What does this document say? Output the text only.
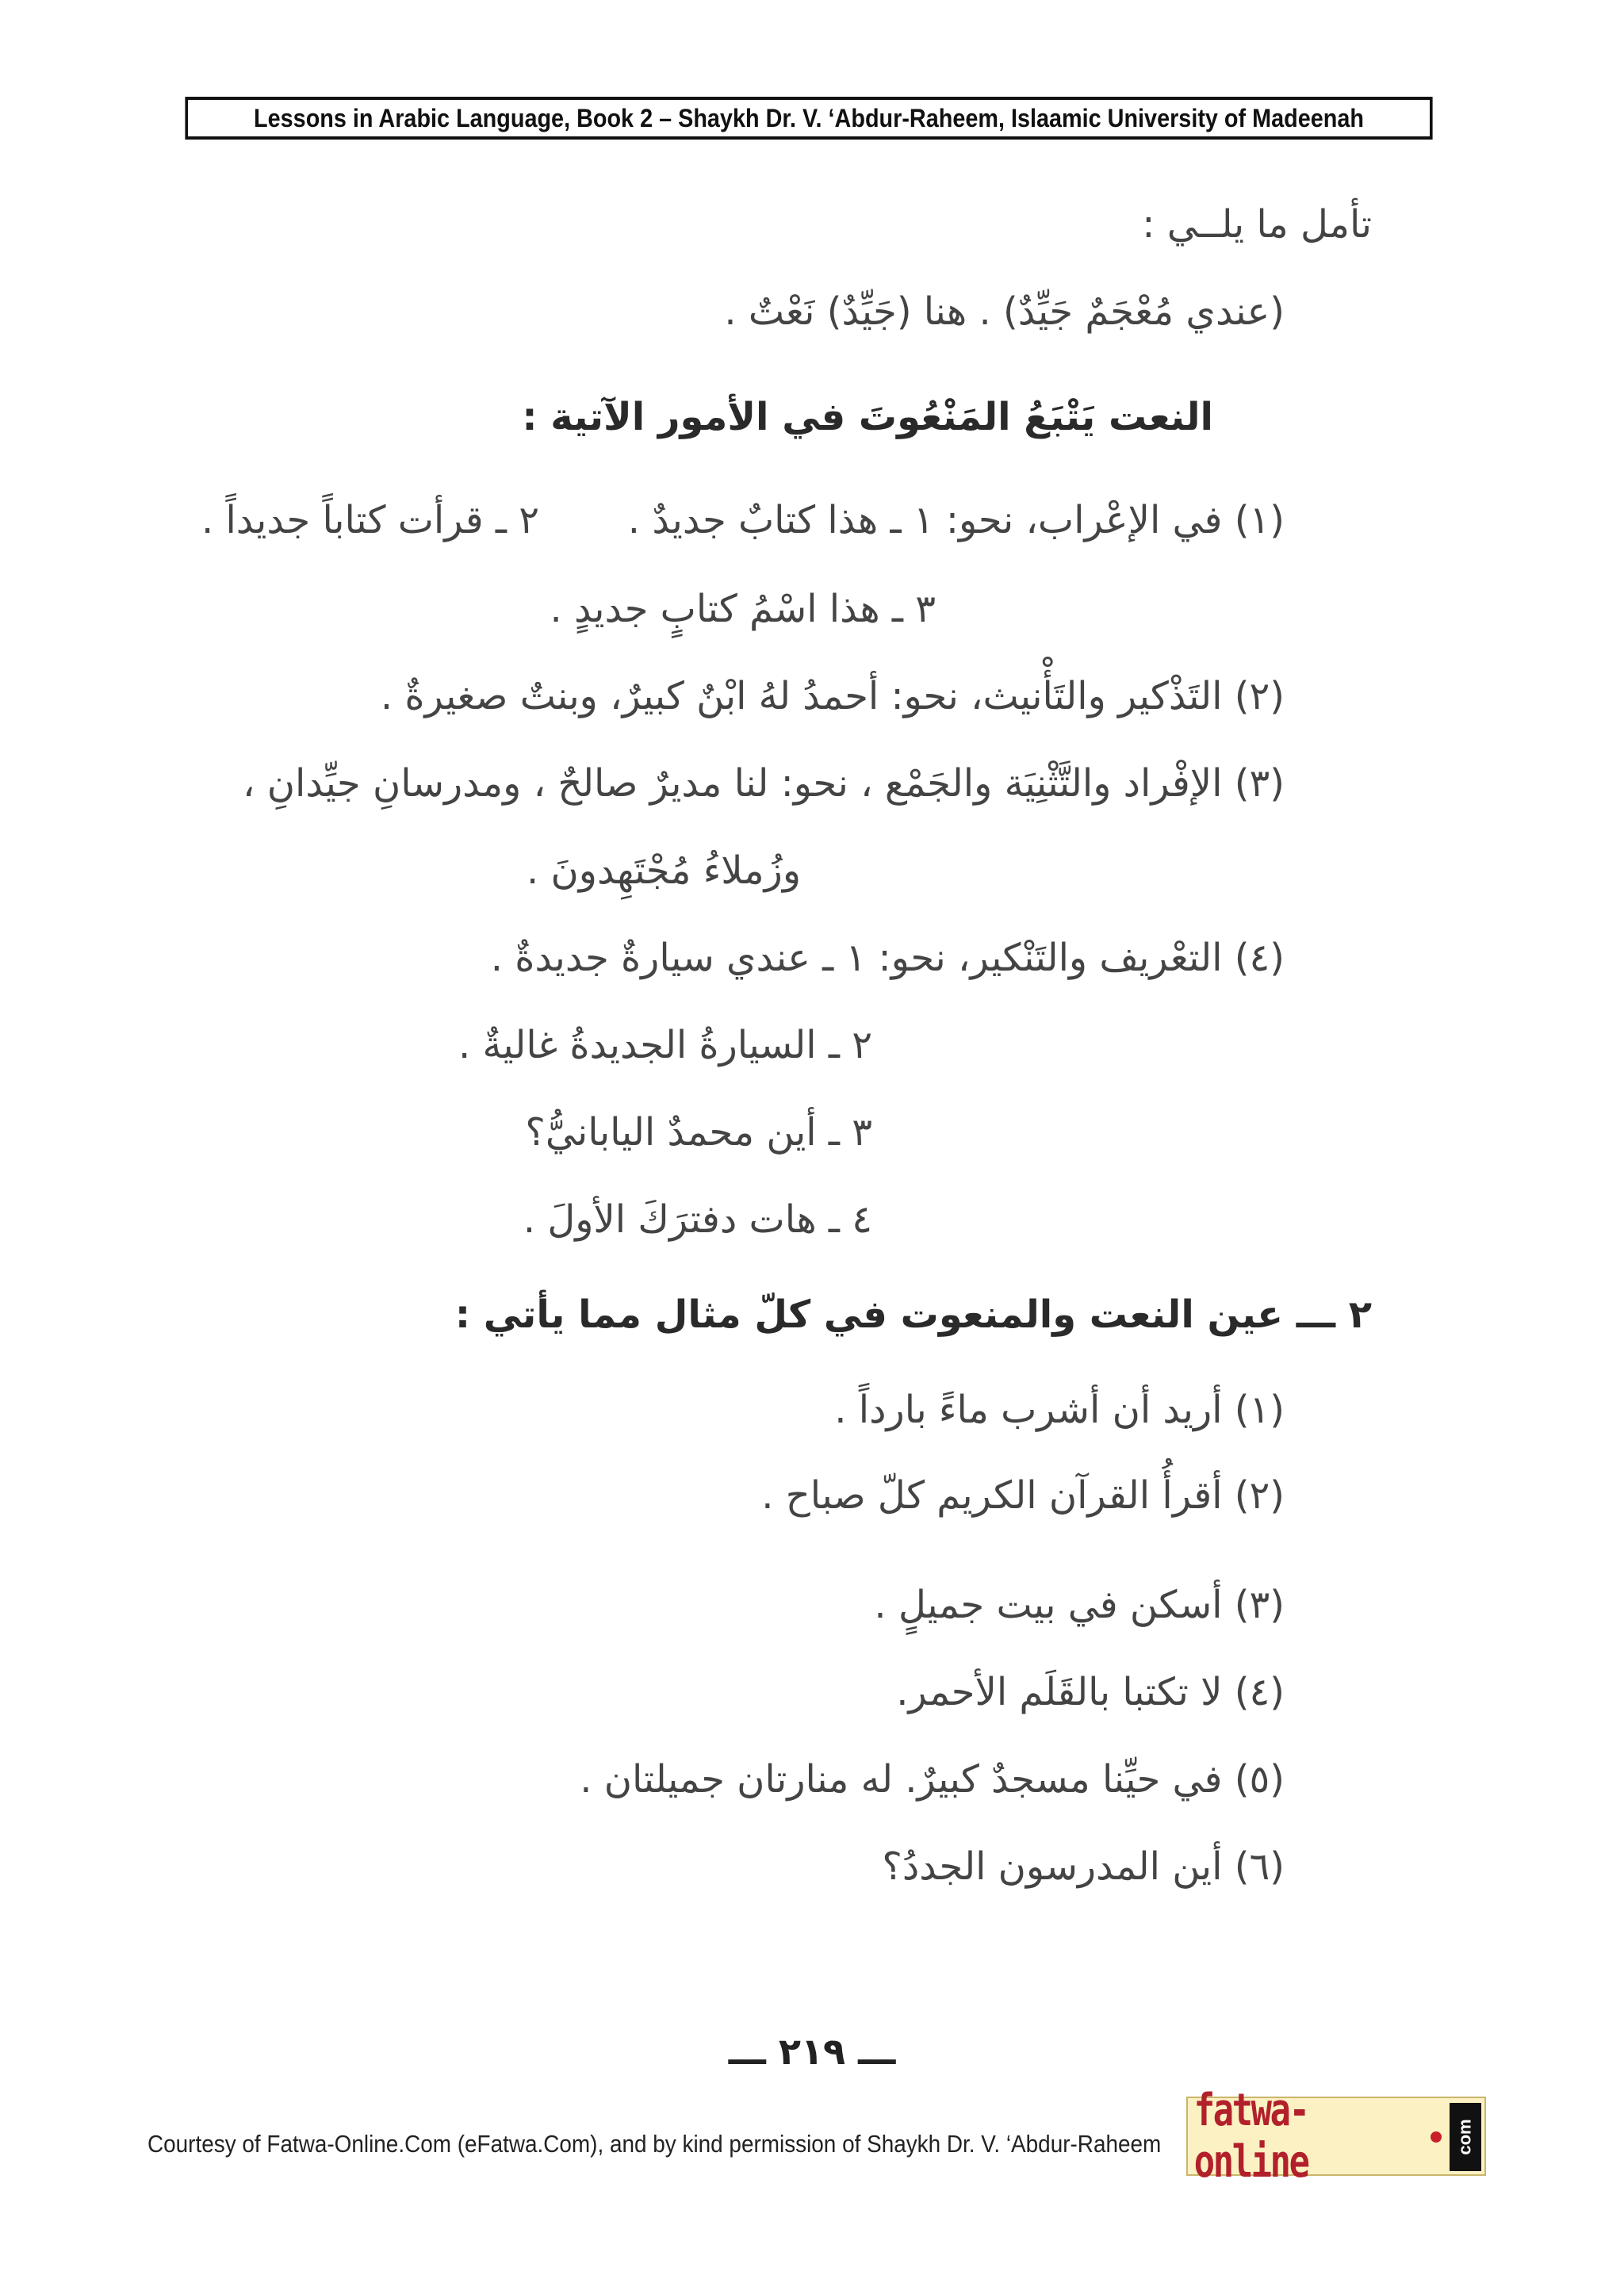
Lessons in Arabic Language, Book 2 – Shaykh Dr. V. ‘Abdur-Raheem, Islaamic University of Madeenah
تأمل ما يلــي :
(عندي مُعْجَمٌ جَيِّدٌ) . هنا (جَيِّدٌ) نَعْتٌ .
النعت يَتْبَعُ المَنْعُوتَ في الأمور الآتية :
(١) في الإعْراب، نحو: ١ ـ هذا كتابٌ جديدٌ .
٢ ـ قرأت كتاباً جديداً .
٣ ـ هذا اسْمُ كتابٍ جديدٍ .
(٢) التَذْكير والتَأْنيث، نحو: أحمدُ لهُ ابْنٌ كبيرٌ، وبنتٌ صغيرةٌ .
(٣) الإفْراد والتَّثْنِيَة والجَمْع ، نحو: لنا مديرٌ صالحٌ ، ومدرسانِ جيِّدانِ ،
وزُملاءُ مُجْتَهِدونَ .
(٤) التعْريف والتَنْكير، نحو: ١ ـ عندي سيارةٌ جديدةٌ .
٢ ـ السيارةُ الجديدةُ غاليةٌ .
٣ ـ أين محمدٌ اليابانيُّ؟
٤ ـ هات دفترَكَ الأولَ .
٢ ـــ عين النعت والمنعوت في كلّ مثال مما يأتي :
(١) أريد أن أشرب ماءً بارداً .
(٢) أقرأُ القرآن الكريم كلّ صباح .
(٣) أسكن في بيت جميلٍ .
(٤) لا تكتبا بالقَلَم الأحمر.
(٥) في حيِّنا مسجدٌ كبيرٌ. له منارتان جميلتان .
(٦) أين المدرسون الجددُ؟
ـــ ٢١٩ ـــ
Courtesy of Fatwa-Online.Com (eFatwa.Com), and by kind permission of Shaykh Dr. V. ‘Abdur-Raheem
fatwa-online	com
